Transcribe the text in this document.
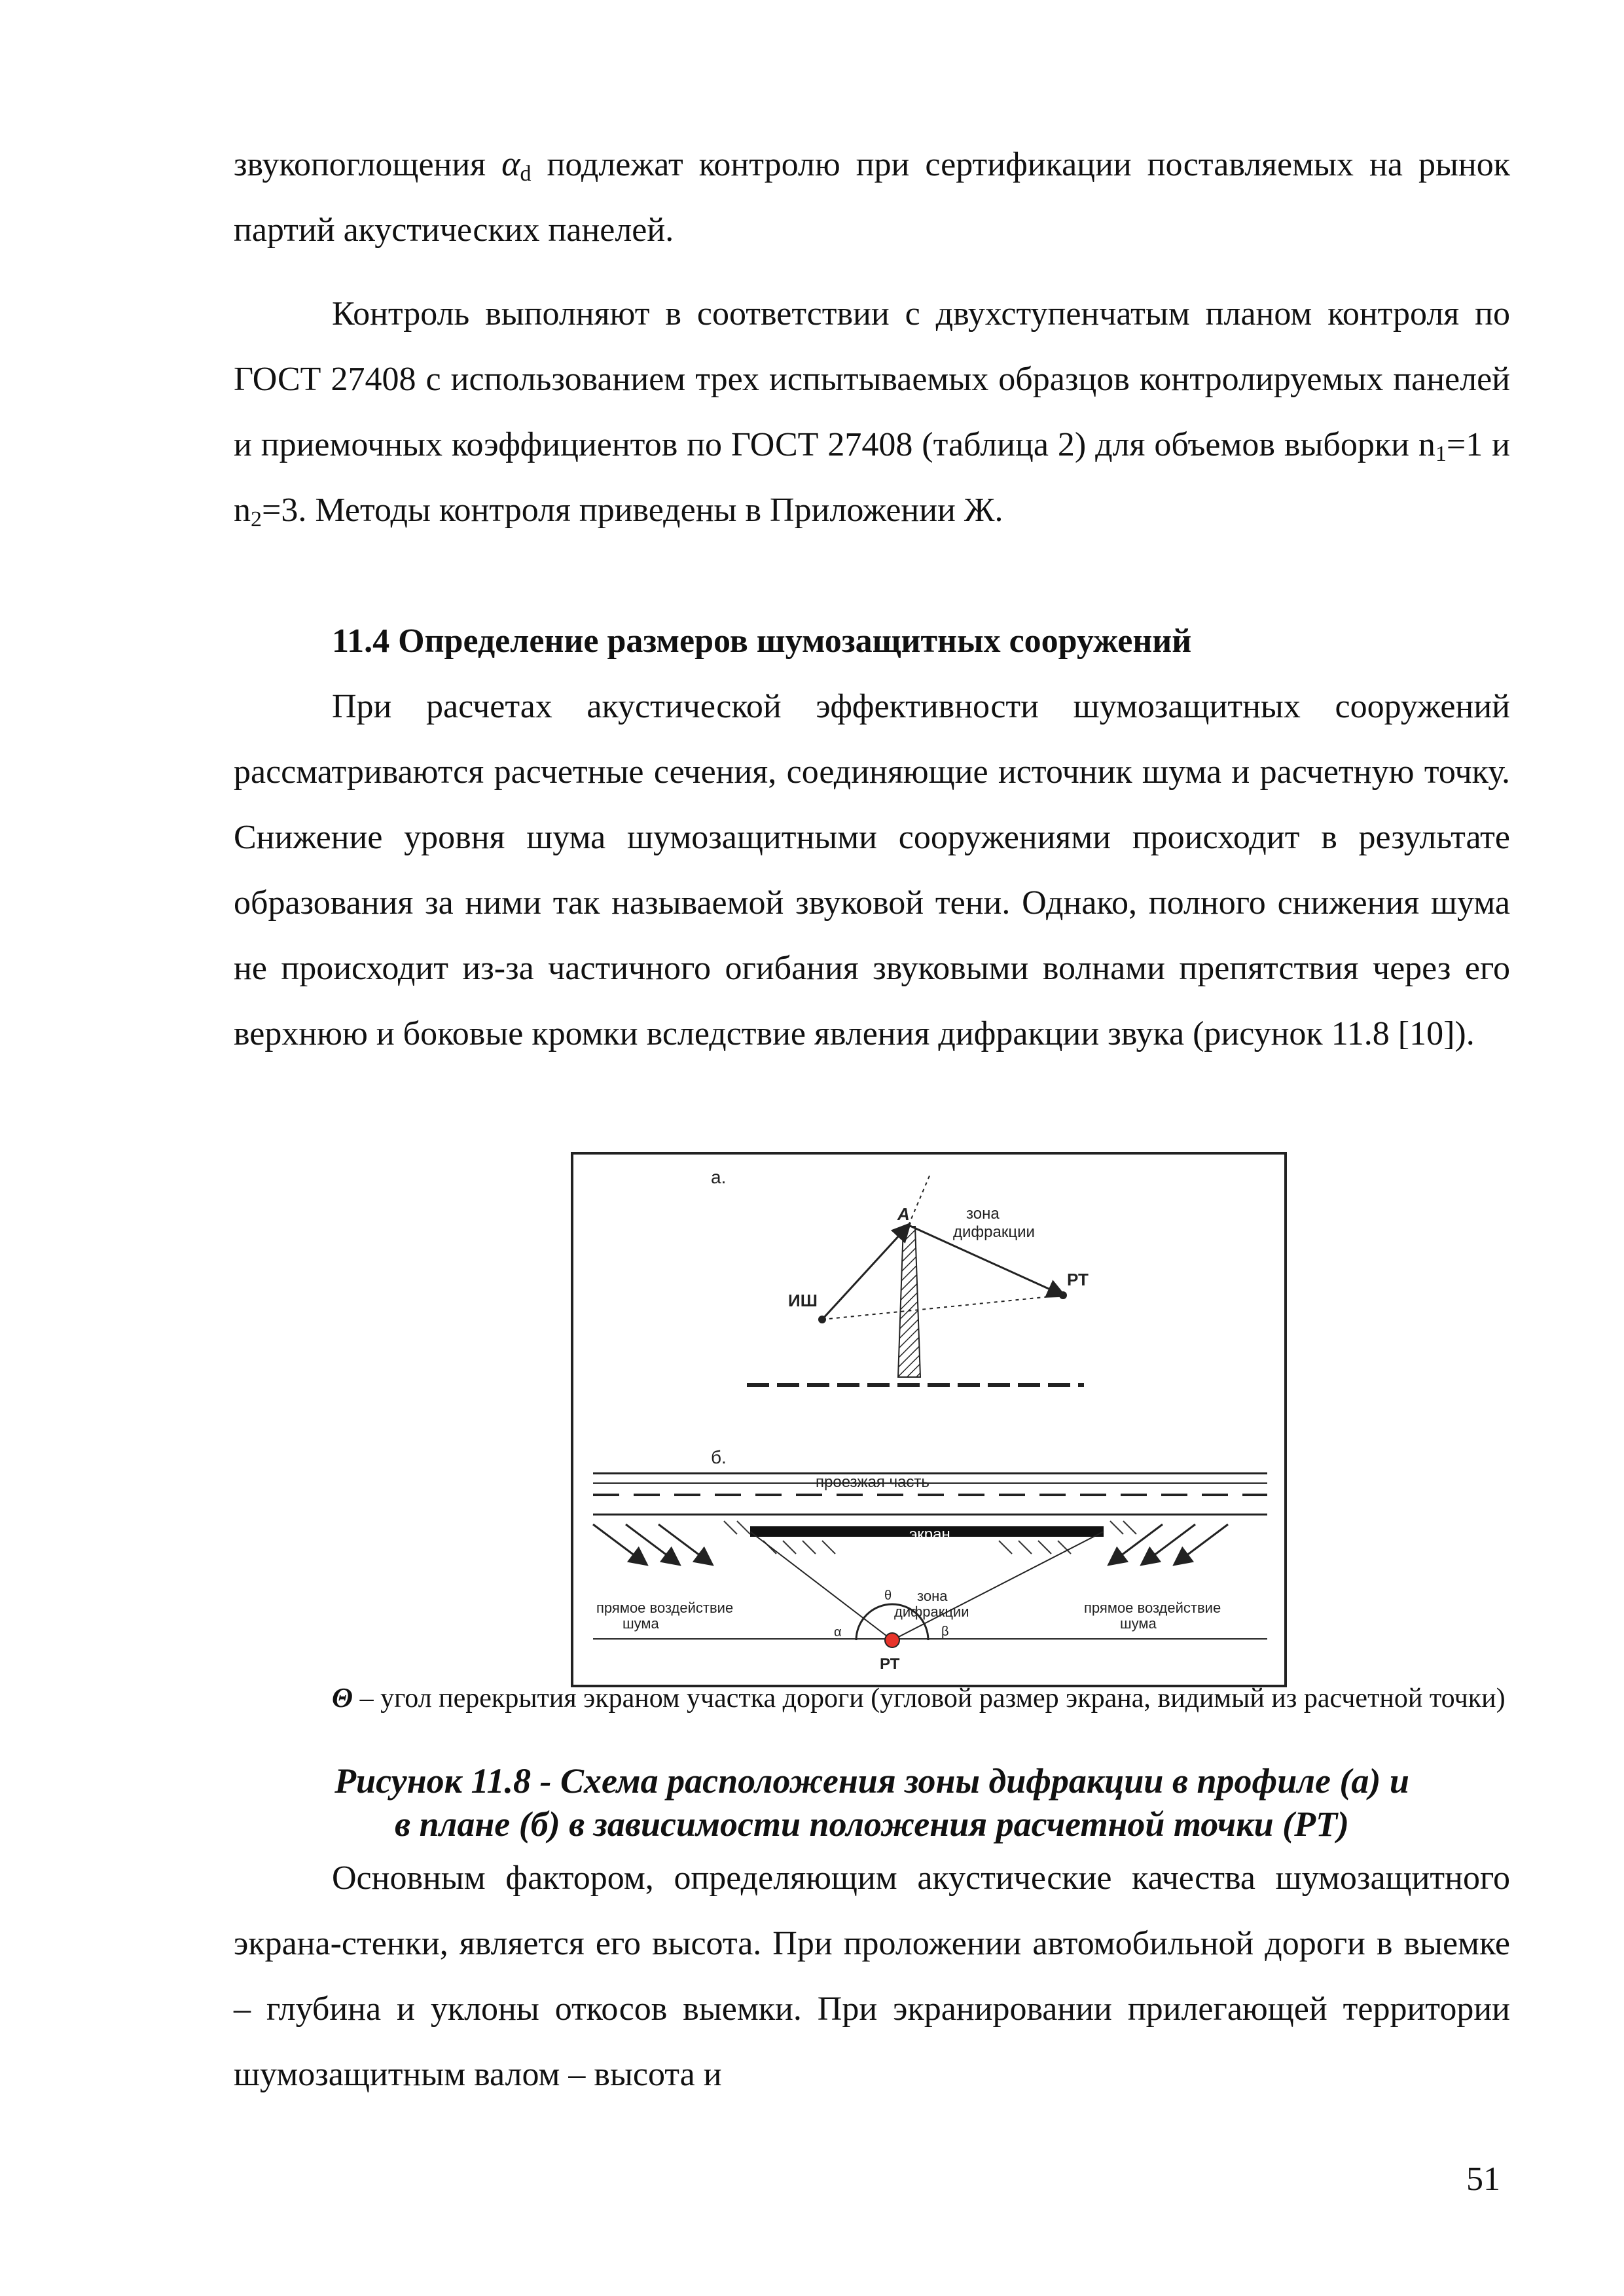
звукопоглощения $\alpha_d$ подлежат контролю при сертификации поставляемых на рынок партий акустических панелей.

Контроль выполняют в соответствии с двухступенчатым планом контроля по ГОСТ 27408 с использованием трех испытываемых образцов контролируемых панелей и приемочных коэффициентов по ГОСТ 27408 (таблица 2) для объемов выборки $n_1=1$ и $n_2=3$. Методы контроля приведены в Приложении Ж.

11.4 Определение размеров шумозащитных сооружений

При расчетах акустической эффективности шумозащитных сооружений рассматриваются расчетные сечения, соединяющие источник шума и расчетную точку. Снижение уровня шума шумозащитными сооружениями происходит в результате образования за ними так называемой звуковой тени. Однако, полного снижения шума не происходит из-за частичного огибания звуковыми волнами препятствия через его верхнюю и боковые кромки вследствие явления дифракции звука (рисунок 11.8 [10]).

а.
А	зона
дифракции
ИШ
РТ
б.
проезжая часть
экран
зона
дифракции
прямое воздействие
шума
прямое воздействие
шума
α
θ
β
РТ

Θ – угол перекрытия экраном участка дороги (угловой размер экрана, видимый из расчетной точки)

Рисунок 11.8 - Схема расположения зоны дифракции в профиле (а) и
в плане (б) в зависимости положения расчетной точки (РТ)

Основным фактором, определяющим акустические качества шумозащитного экрана-стенки, является его высота. При проложении автомобильной дороги в выемке – глубина и уклоны откосов выемки. При экранировании прилегающей территории шумозащитным валом – высота и

51
